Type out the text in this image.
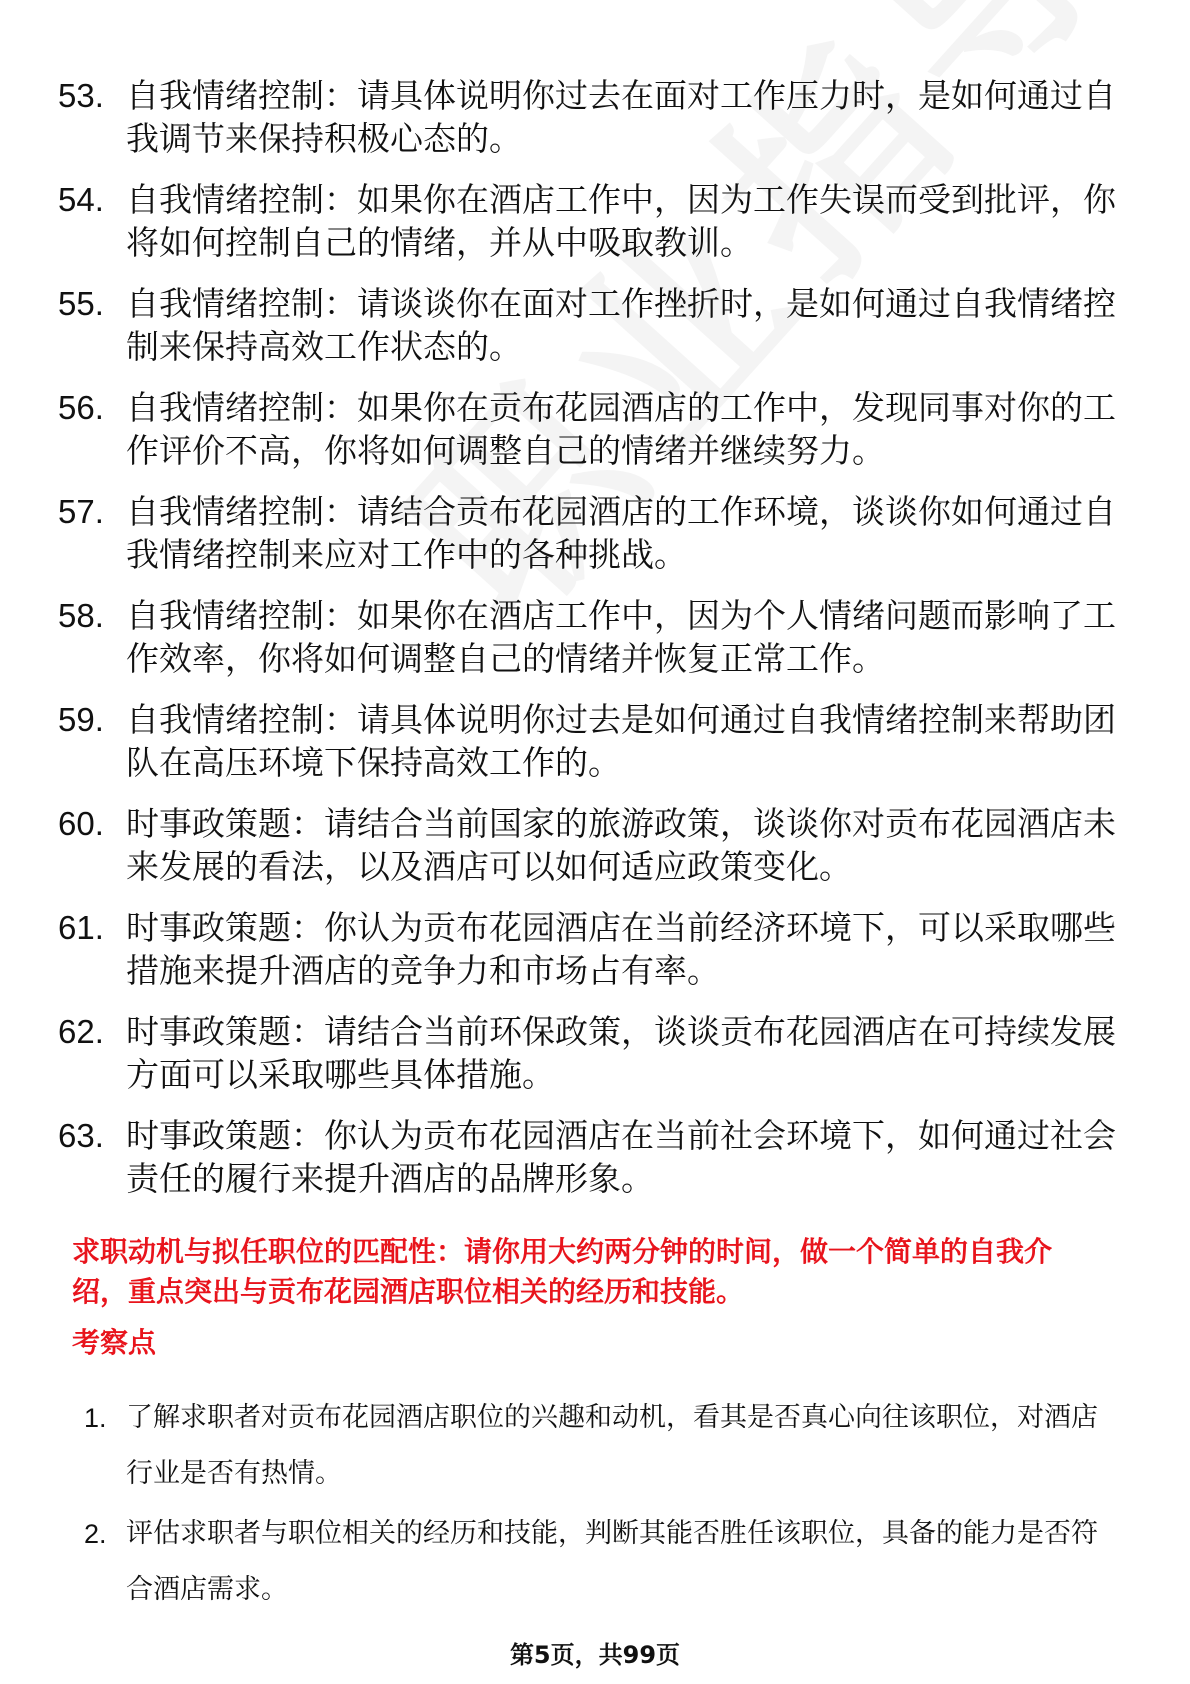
53. 自我情绪控制：请具体说明你过去在面对工作压力时，是如何通过自我调节来保持积极心态的。
54. 自我情绪控制：如果你在酒店工作中，因为工作失误而受到批评，你将如何控制自己的情绪，并从中吸取教训。
55. 自我情绪控制：请谈谈你在面对工作挫折时，是如何通过自我情绪控制来保持高效工作状态的。
56. 自我情绪控制：如果你在贡布花园酒店的工作中，发现同事对你的工作评价不高，你将如何调整自己的情绪并继续努力。
57. 自我情绪控制：请结合贡布花园酒店的工作环境，谈谈你如何通过自我情绪控制来应对工作中的各种挑战。
58. 自我情绪控制：如果你在酒店工作中，因为个人情绪问题而影响了工作效率，你将如何调整自己的情绪并恢复正常工作。
59. 自我情绪控制：请具体说明你过去是如何通过自我情绪控制来帮助团队在高压环境下保持高效工作的。
60. 时事政策题：请结合当前国家的旅游政策，谈谈你对贡布花园酒店未来发展的看法，以及酒店可以如何适应政策变化。
61. 时事政策题：你认为贡布花园酒店在当前经济环境下，可以采取哪些措施来提升酒店的竞争力和市场占有率。
62. 时事政策题：请结合当前环保政策，谈谈贡布花园酒店在可持续发展方面可以采取哪些具体措施。
63. 时事政策题：你认为贡布花园酒店在当前社会环境下，如何通过社会责任的履行来提升酒店的品牌形象。

求职动机与拟任职位的匹配性：请你用大约两分钟的时间，做一个简单的自我介绍，重点突出与贡布花园酒店职位相关的经历和技能。

考察点

1. 了解求职者对贡布花园酒店职位的兴趣和动机，看其是否真心向往该职位，对酒店行业是否有热情。
2. 评估求职者与职位相关的经历和技能，判断其能否胜任该职位，具备的能力是否符合酒店需求。
第5页，共99页
